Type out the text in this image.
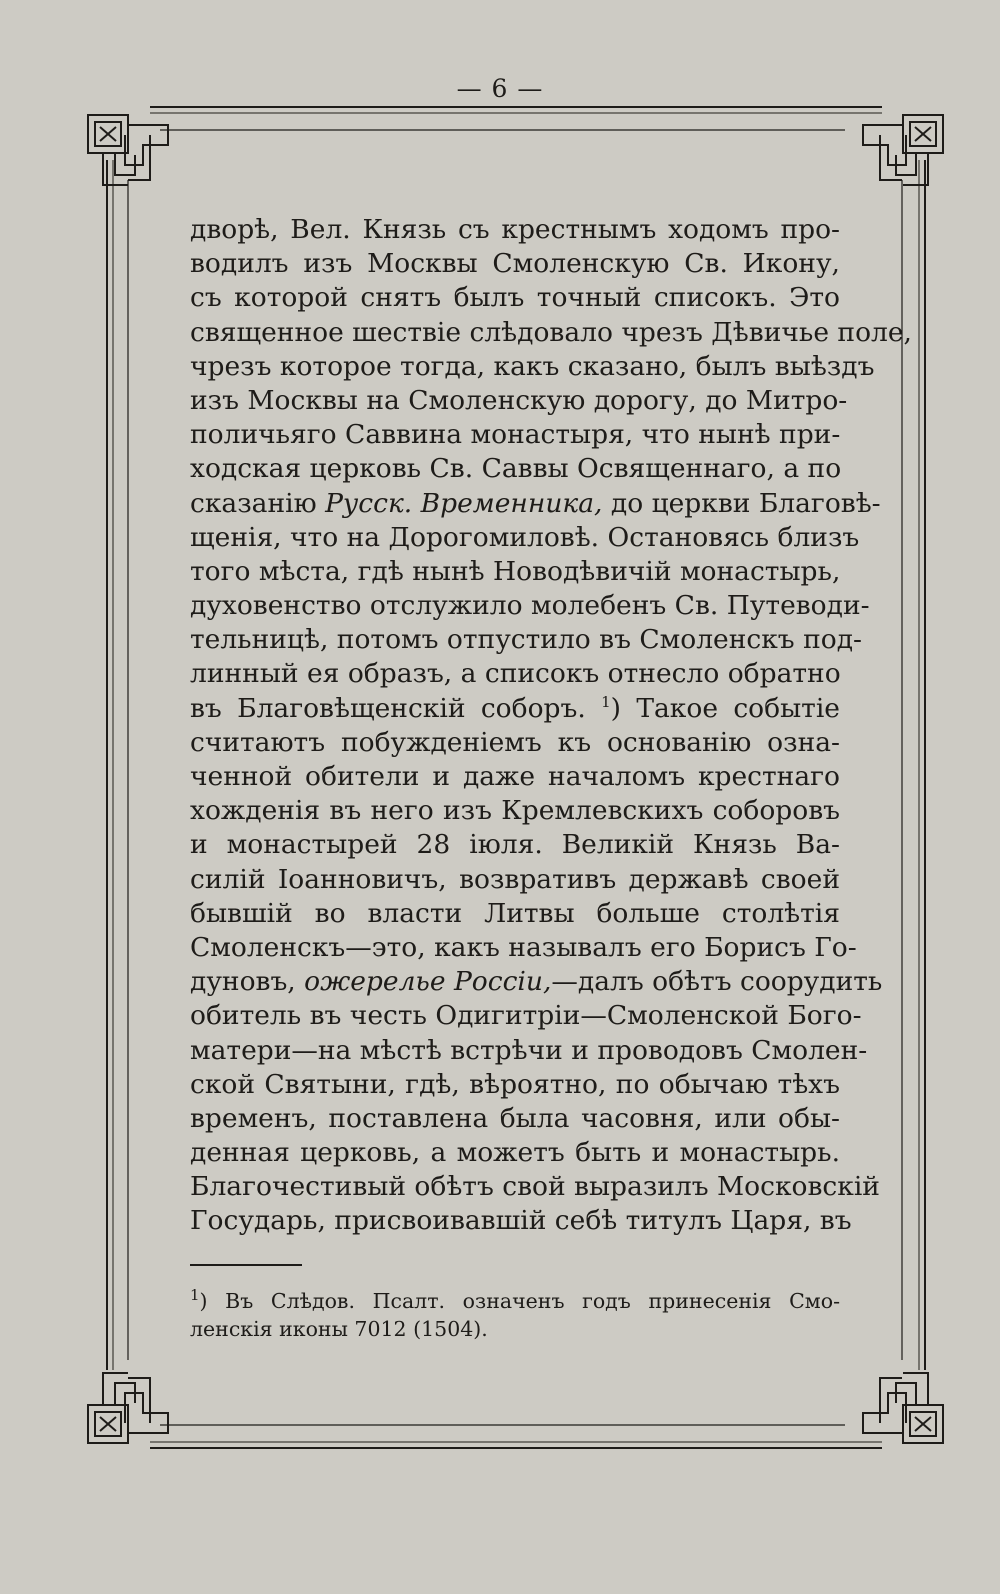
— 6 —
дворѣ, Вел. Князь съ крестнымъ ходомъ про-
водилъ изъ Москвы Смоленскую Св. Икону,
съ которой снятъ былъ точный списокъ. Это
священное шествіе слѣдовало чрезъ Дѣвичье поле,
чрезъ которое тогда, какъ сказано, былъ выѣздъ
изъ Москвы на Смоленскую дорогу, до Митро-
поличьяго Саввина монастыря, что нынѣ при-
ходская церковь Св. Саввы Освященнаго, а по
сказанію Русск. Временника, до церкви Благовѣ-
щенія, что на Дорогомиловѣ. Остановясь близъ
того мѣста, гдѣ нынѣ Новодѣвичій монастырь,
духовенство отслужило молебенъ Св. Путеводи-
тельницѣ, потомъ отпустило въ Смоленскъ под-
линный ея образъ, а списокъ отнесло обратно
въ Благовѣщенскій соборъ. $^1$) Такое событіе
считаютъ побужденіемъ къ основанію озна-
ченной обители и даже началомъ крестнаго
хожденія въ него изъ Кремлевскихъ соборовъ
и монастырей 28 іюля. Великій Князь Ва-
силій Іоанновичъ, возвративъ державѣ своей
бывшій во власти Литвы больше столѣтія
Смоленскъ—это, какъ называлъ его Борисъ Го-
дуновъ, ожерелье Россіи,—далъ обѣтъ соорудить
обитель въ честь Одигитріи—Смоленской Бого-
матери—на мѣстѣ встрѣчи и проводовъ Смолен-
ской Святыни, гдѣ, вѣроятно, по обычаю тѣхъ
временъ, поставлена была часовня, или обы-
денная церковь, а можетъ быть и монастырь.
Благочестивый обѣтъ свой выразилъ Московскій
Государь, присвоивавшій себѣ титулъ Царя, въ
$^1$) Въ Слѣдов. Псалт. означенъ годъ принесенія Смо-
ленскія иконы 7012 (1504).
